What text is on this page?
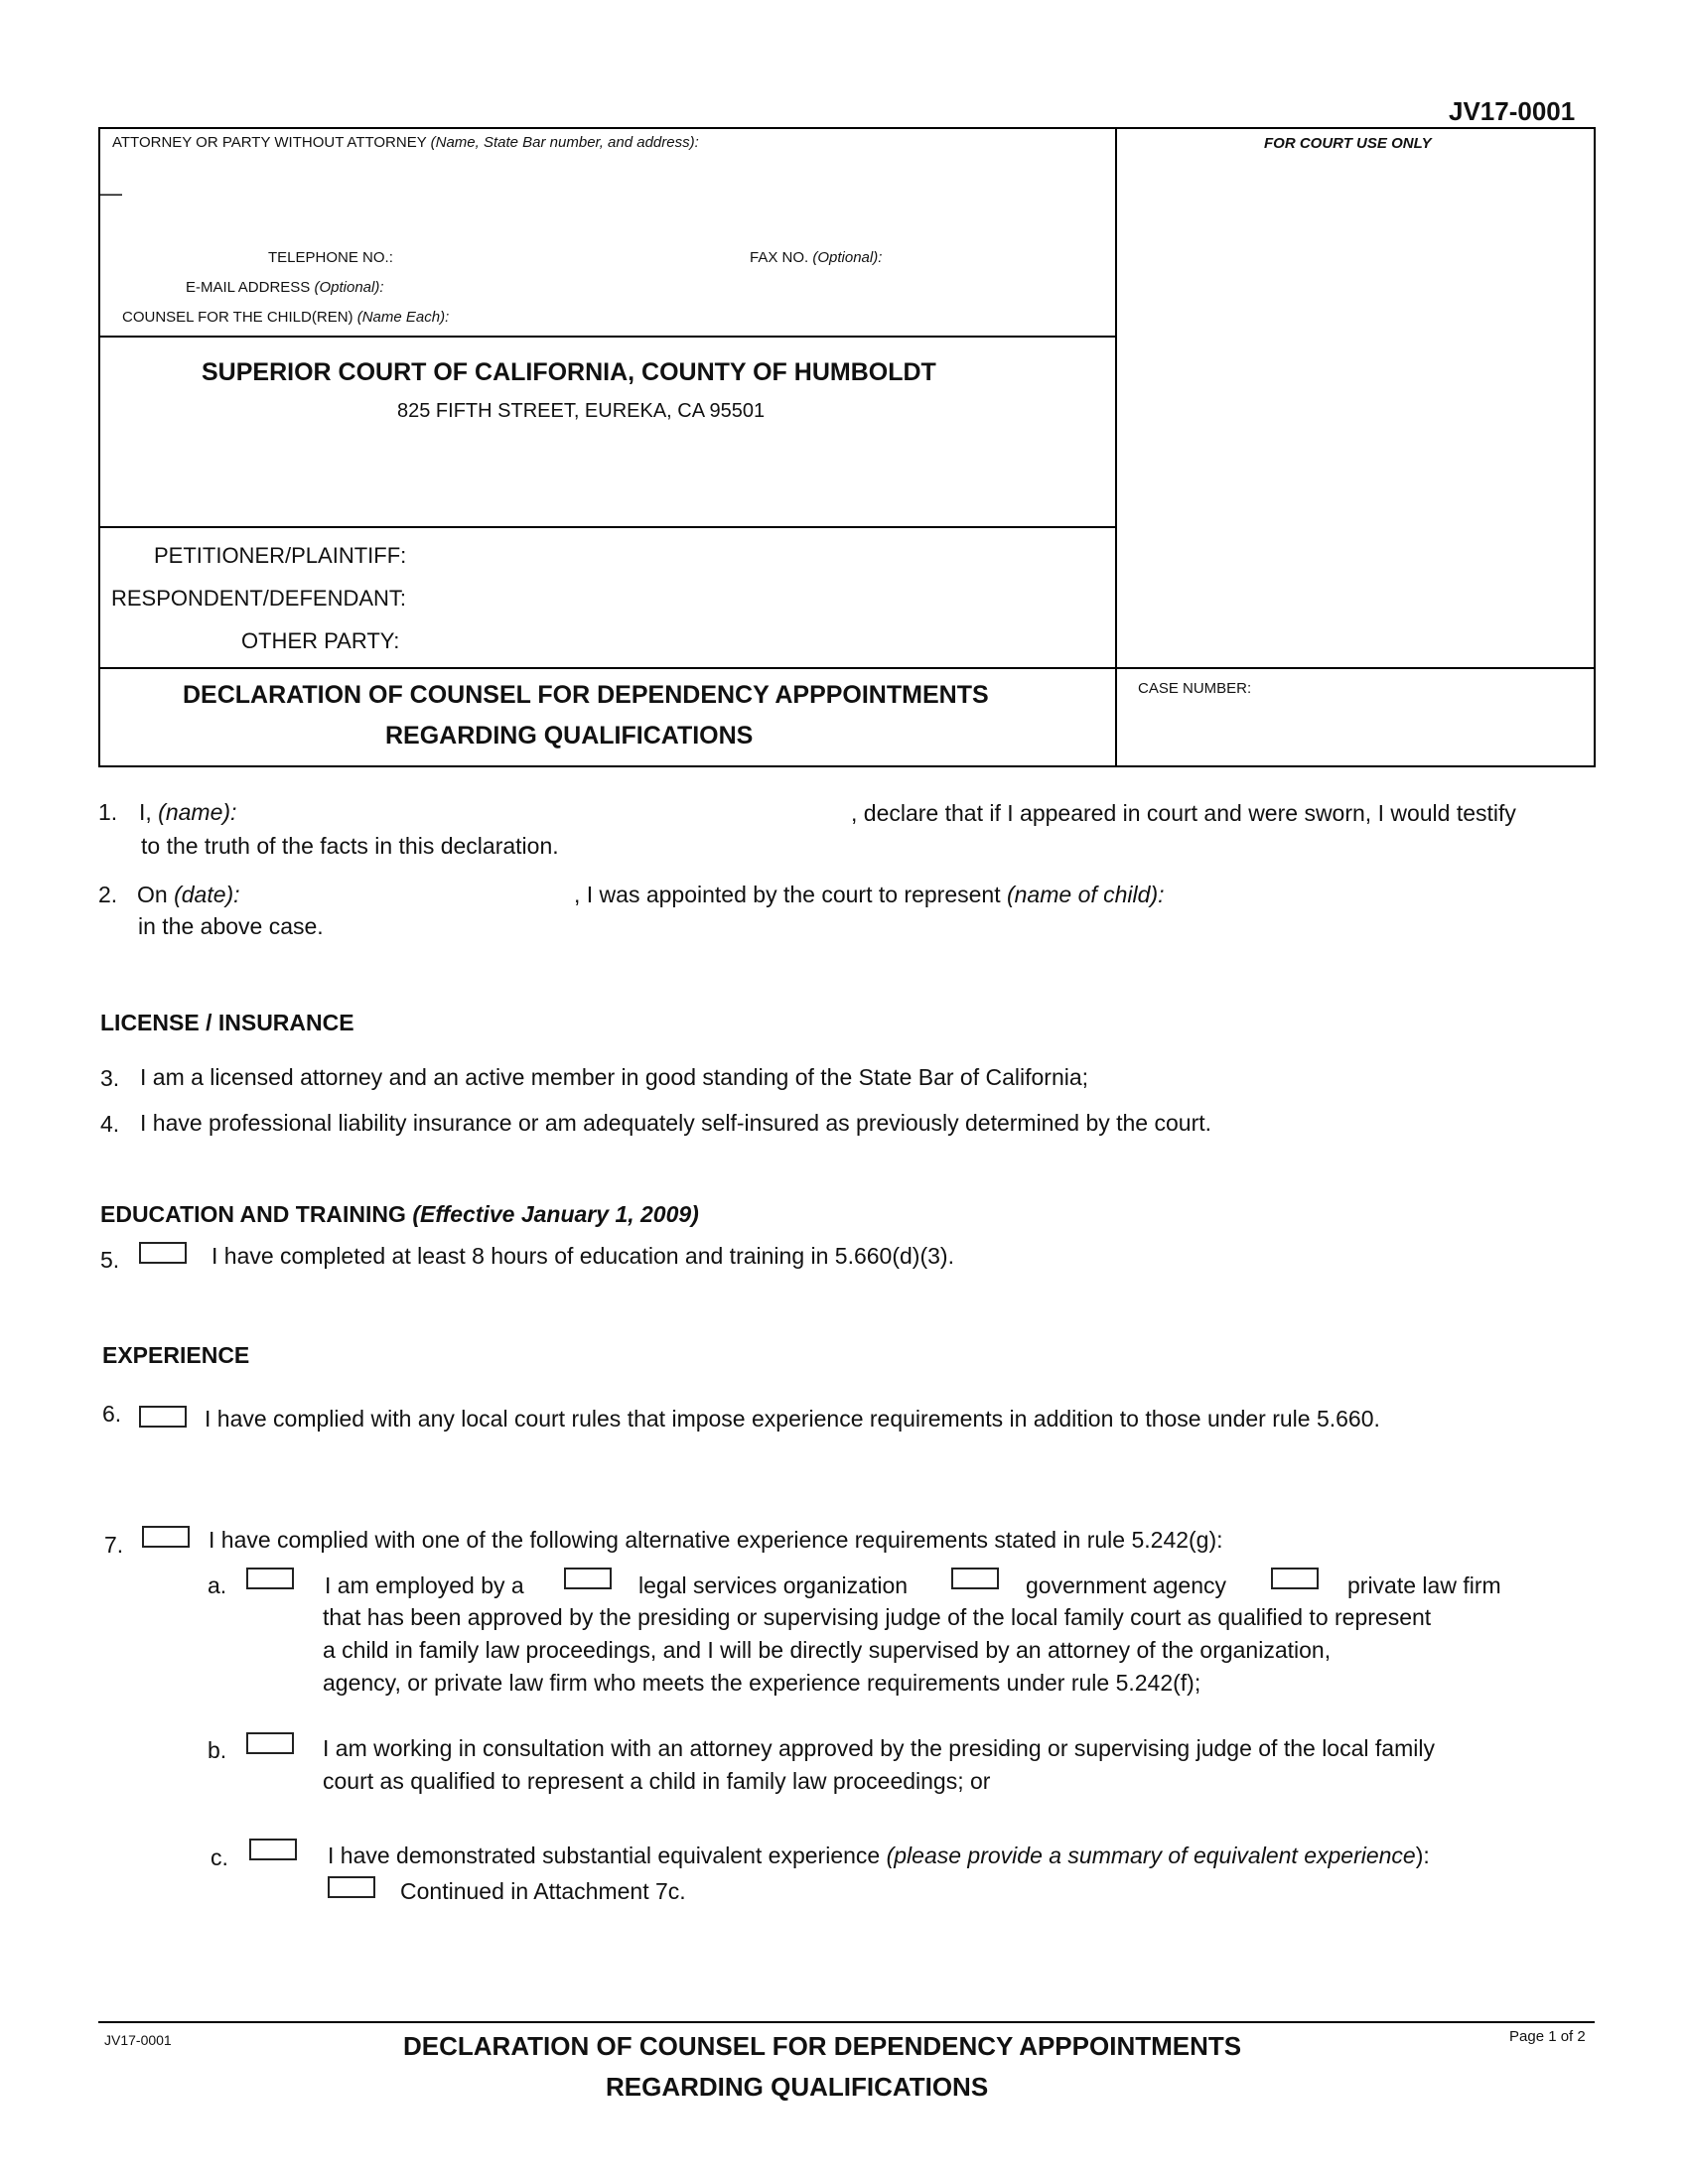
JV17-0001
ATTORNEY OR PARTY WITHOUT ATTORNEY (Name, State Bar number, and address):
—
FOR COURT USE ONLY
TELEPHONE NO.:	FAX NO. (Optional):
E-MAIL ADDRESS (Optional):
COUNSEL FOR THE CHILD(REN) (Name Each):
SUPERIOR COURT OF CALIFORNIA, COUNTY OF HUMBOLDT
825 FIFTH STREET, EUREKA, CA 95501
PETITIONER/PLAINTIFF:
RESPONDENT/DEFENDANT:
OTHER PARTY:
DECLARATION OF COUNSEL FOR DEPENDENCY APPPOINTMENTS
REGARDING QUALIFICATIONS
CASE NUMBER:
1. I, (name):	, declare that if I appeared in court and were sworn, I would testify
to the truth of the facts in this declaration.
2. On (date):	, I was appointed by the court to represent (name of child):
in the above case.
LICENSE / INSURANCE
3. I am a licensed attorney and an active member in good standing of the State Bar of California;
4. I have professional liability insurance or am adequately self-insured as previously determined by the court.
EDUCATION AND TRAINING (Effective January 1, 2009)
5.	I have completed at least 8 hours of education and training in 5.660(d)(3).
EXPERIENCE
6.	I have complied with any local court rules that impose experience requirements in addition to those under rule 5.660.
7.	I have complied with one of the following alternative experience requirements stated in rule 5.242(g):
a.	I am employed by a	legal services organization	government agency	private law firm
that has been approved by the presiding or supervising judge of the local family court as qualified to represent
a child in family law proceedings, and I will be directly supervised by an attorney of the organization,
agency, or private law firm who meets the experience requirements under rule 5.242(f);
b.	I am working in consultation with an attorney approved by the presiding or supervising judge of the local family
court as qualified to represent a child in family law proceedings; or
c.	I have demonstrated substantial equivalent experience (please provide a summary of equivalent experience):
Continued in Attachment 7c.
JV17-0001	DECLARATION OF COUNSEL FOR DEPENDENCY APPPOINTMENTS
REGARDING QUALIFICATIONS
Page 1 of 2
